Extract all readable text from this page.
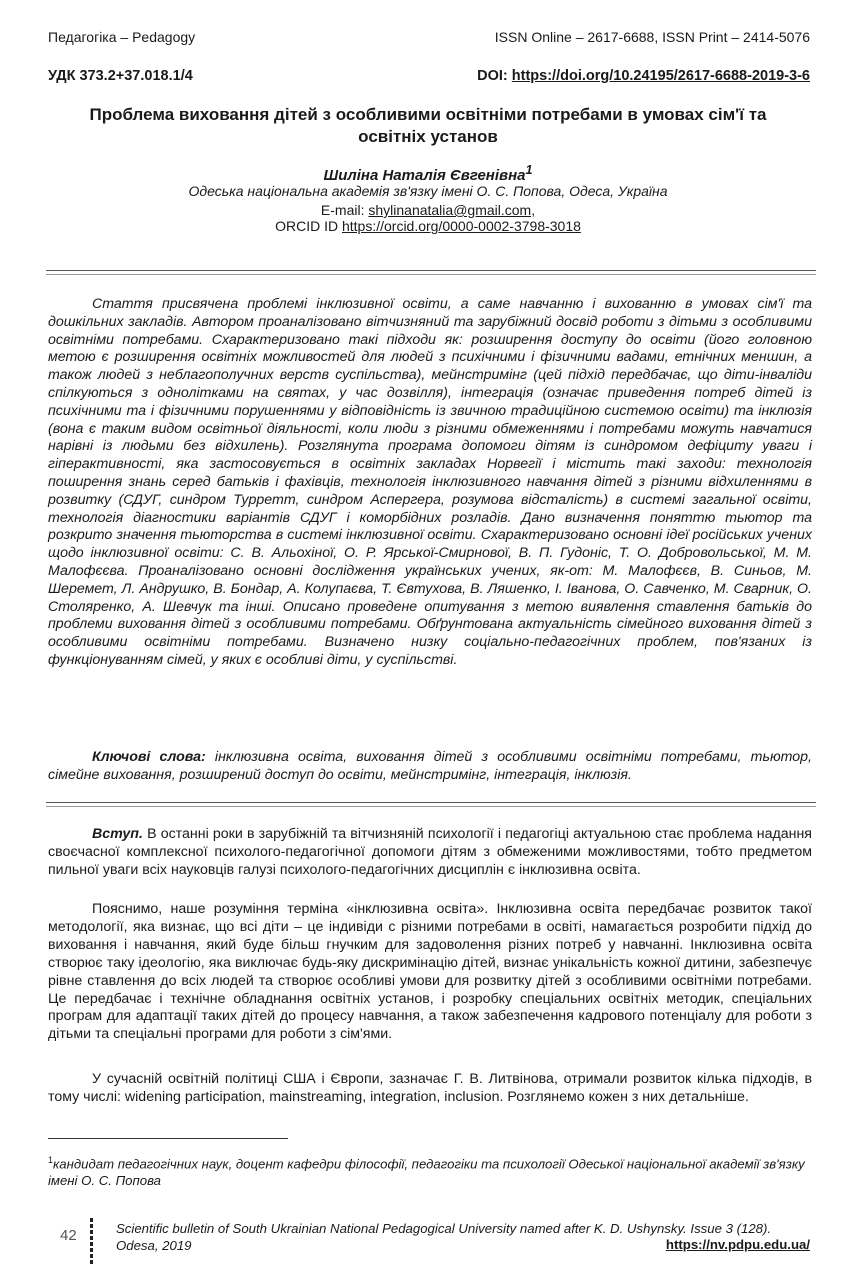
Педагогіка – Pedagogy	ISSN Online – 2617-6688, ISSN Print – 2414-5076
УДК 373.2+37.018.1/4	DOI: https://doi.org/10.24195/2617-6688-2019-3-6
Проблема виховання дітей з особливими освітніми потребами в умовах сім'ї та освітніх установ
Шиліна Наталія Євгенівна$^1$
Одеська національна академія зв'язку імені О. С. Попова, Одеса, Україна
E-mail: shylinanatalia@gmail.com,
ORCID ID https://orcid.org/0000-0002-3798-3018
Стаття присвячена проблемі інклюзивної освіти, а саме навчанню і вихованню в умовах сім'ї та дошкільних закладів. Автором проаналізовано вітчизняний та зарубіжний досвід роботи з дітьми з особливими освітніми потребами. Схарактеризовано такі підходи як: розширення доступу до освіти (його головною метою є розширення освітніх можливостей для людей з психічними і фізичними вадами, етнічних меншин, а також людей з неблагополучних верств суспільства), мейнстримінг (цей підхід передбачає, що діти-інваліди спілкуються з однолітками на святах, у час дозвілля), інтеграція (означає приведення потреб дітей із психічними та і фізичними порушеннями у відповідність із звичною традиційною системою освіти) та інклюзія (вона є таким видом освітньої діяльності, коли люди з різними обмеженнями і потребами можуть навчатися нарівні із людьми без відхилень). Розглянута програма допомоги дітям із синдромом дефіциту уваги і гіперактивності, яка застосовується в освітніх закладах Норвегії і містить такі заходи: технологія поширення знань серед батьків і фахівців, технологія інклюзивного навчання дітей з різними відхиленнями в розвитку (СДУГ, синдром Турретт, синдром Аспергера, розумова відсталість) в системі загальної освіти, технологія діагностики варіантів СДУГ і коморбідних розладів. Дано визначення поняттю тьютор та розкрито значення тьюторства в системі інклюзивної освіти. Схарактеризовано основні ідеї російських учених щодо інклюзивної освіти: С. В. Альохіної, О. Р. Ярської-Смирнової, В. П. Гудоніс, Т. О. Добровольської, М. М. Малофєєва. Проаналізовано основні дослідження українських учених, як-от: М. Малофєєв, В. Синьов, М. Шеремет, Л. Андрушко, В. Бондар, А. Колупаєва, Т. Євтухова, В. Ляшенко, І. Іванова, О. Савченко, М. Сварник, О. Столяренко, А. Шевчук та інші. Описано проведене опитування з метою виявлення ставлення батьків до проблеми виховання дітей з особливими потребами. Обґрунтована актуальність сімейного виховання дітей з особливими освітніми потребами. Визначено низку соціально-педагогічних проблем, пов'язаних із функціонуванням сімей, у яких є особливі діти, у суспільстві.
Ключові слова: інклюзивна освіта, виховання дітей з особливими освітніми потребами, тьютор, сімейне виховання, розширений доступ до освіти, мейнстримінг, інтеграція, інклюзія.
Вступ. В останні роки в зарубіжній та вітчизняній психології і педагогіці актуальною стає проблема надання своєчасної комплексної психолого-педагогічної допомоги дітям з обмеженими можливостями, тобто предметом пильної уваги всіх науковців галузі психолого-педагогічних дисциплін є інклюзивна освіта.
Пояснимо, наше розуміння терміна «інклюзивна освіта». Інклюзивна освіта передбачає розвиток такої методології, яка визнає, що всі діти – це індивіди с різними потребами в освіті, намагається розробити підхід до виховання і навчання, який буде більш гнучким для задоволення різних потреб у навчанні. Інклюзивна освіта створює таку ідеологію, яка виключає будь-яку дискримінацію дітей, визнає унікальність кожної дитини, забезпечує рівне ставлення до всіх людей та створює особливі умови для розвитку дітей з особливими освітніми потребами. Це передбачає і технічне обладнання освітніх установ, і розробку спеціальних освітніх методик, спеціальних програм для адаптації таких дітей до процесу навчання, а також забезпечення кадрового потенціалу для роботи з дітьми та спеціальні програми для роботи з сім'ями.
У сучасній освітній політиці США і Європи, зазначає Г. В. Литвінова, отримали розвиток кілька підходів, в тому числі: widening participation, mainstreaming, integration, inclusion. Розглянемо кожен з них детальніше.
$^1$кандидат педагогічних наук, доцент кафедри філософії, педагогіки та психології Одеської національної академії зв'язку імені О. С. Попова
42	Scientific bulletin of South Ukrainian National Pedagogical University named after K. D. Ushynsky. Issue 3 (128). Odesa, 2019	https://nv.pdpu.edu.ua/
